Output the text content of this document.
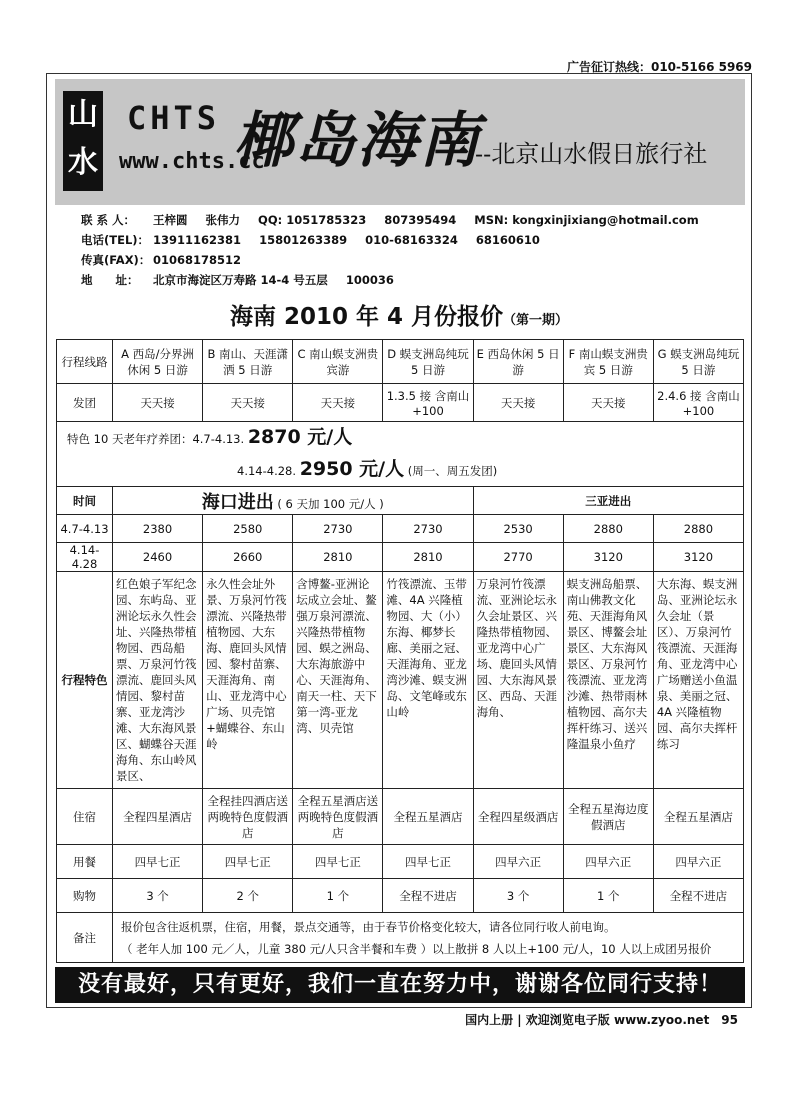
广告征订热线：010-5166 5969
山水
CHTS
www.chts.cc
椰岛海南
--北京山水假日旅行社
联 系 人： 王梓圆 张伟力 QQ: 1051785323 807395494 MSN: kongxinjixiang@hotmail.com
电话(TEL)： 13911162381 15801263389 010-68163324 68160610
传真(FAX)： 01068178512
地　　址： 北京市海淀区万寿路 14-4 号五层 100036
海南 2010 年 4 月份报价（第一期）
行程线路	A 西岛/分界洲休闲 5 日游	B 南山、天涯潇洒 5 日游	C 南山蜈支洲贵宾游	D 蜈支洲岛纯玩 5 日游	E 西岛休闲 5 日游	F 南山蜈支洲贵宾 5 日游	G 蜈支洲岛纯玩 5 日游
发团	天天接	天天接	天天接	1.3.5 接 含南山+100	天天接	天天接	2.4.6 接 含南山+100

特色 10 天老年疗养团：4.7-4.13. 2870 元/人
4.14-4.28. 2950 元/人 (周一、周五发团)							

时间	海口进出 ( 6 天加 100 元/人 )				三亚进出		
4.7-4.13	2380	2580	2730	2730	2530	2880	2880
4.14-4.28	2460	2660	2810	2810	2770	3120	3120
行程特色	红色娘子军纪念园、东屿岛、亚洲论坛永久性会址、兴隆热带植物园、西岛船票、万泉河竹筏漂流、鹿回头风情园、黎村苗寨、亚龙湾沙滩、大东海风景区、蝴蝶谷天涯海角、东山岭风景区、	永久性会址外景、万泉河竹筏漂流、兴隆热带植物园、大东海、鹿回头风情园、黎村苗寨、天涯海角、南山、亚龙湾中心广场、贝壳馆+蝴蝶谷、东山岭	含博鳌-亚洲论坛成立会址、鳌强万泉河漂流、兴隆热带植物园、蜈之洲岛、大东海旅游中心、天涯海角、南天一柱、天下第一湾-亚龙湾、贝壳馆	竹筏漂流、玉带滩、4A 兴隆植物园、大（小）东海、椰梦长廊、美丽之冠、天涯海角、亚龙湾沙滩、蜈支洲岛、文笔峰或东山岭	万泉河竹筏漂流、亚洲论坛永久会址景区、兴隆热带植物园、亚龙湾中心广场、鹿回头风情园、大东海风景区、西岛、天涯海角、	蜈支洲岛船票、南山佛教文化苑、天涯海角风景区、博鳌会址景区、大东海风景区、万泉河竹筏漂流、亚龙湾沙滩、热带雨林植物园、高尔夫挥杆练习、送兴隆温泉小鱼疗	大东海、蜈支洲岛、亚洲论坛永久会址（景区）、万泉河竹筏漂流、天涯海角、亚龙湾中心广场赠送小鱼温泉、美丽之冠、4A 兴隆植物园、高尔夫挥杆练习
住宿	全程四星酒店	全程挂四酒店送两晚特色度假酒店	全程五星酒店送两晚特色度假酒店	全程五星酒店	全程四星级酒店	全程五星海边度假酒店	全程五星酒店
用餐	四早七正	四早七正	四早七正	四早七正	四早六正	四早六正	四早六正
购物	3 个	2 个	1 个	全程不进店	3 个	1 个	全程不进店
备注	报价包含往返机票，住宿，用餐，景点交通等，由于春节价格变化较大，请各位同行收人前电询。
（ 老年人加 100 元／人，儿童 380 元/人只含半餐和车费 ）以上散拼 8 人以上+100 元/人，10 人以上成团另报价						
没有最好，只有更好，我们一直在努力中，谢谢各位同行支持！
国内上册 | 欢迎浏览电子版 www.zyoo.net　95
